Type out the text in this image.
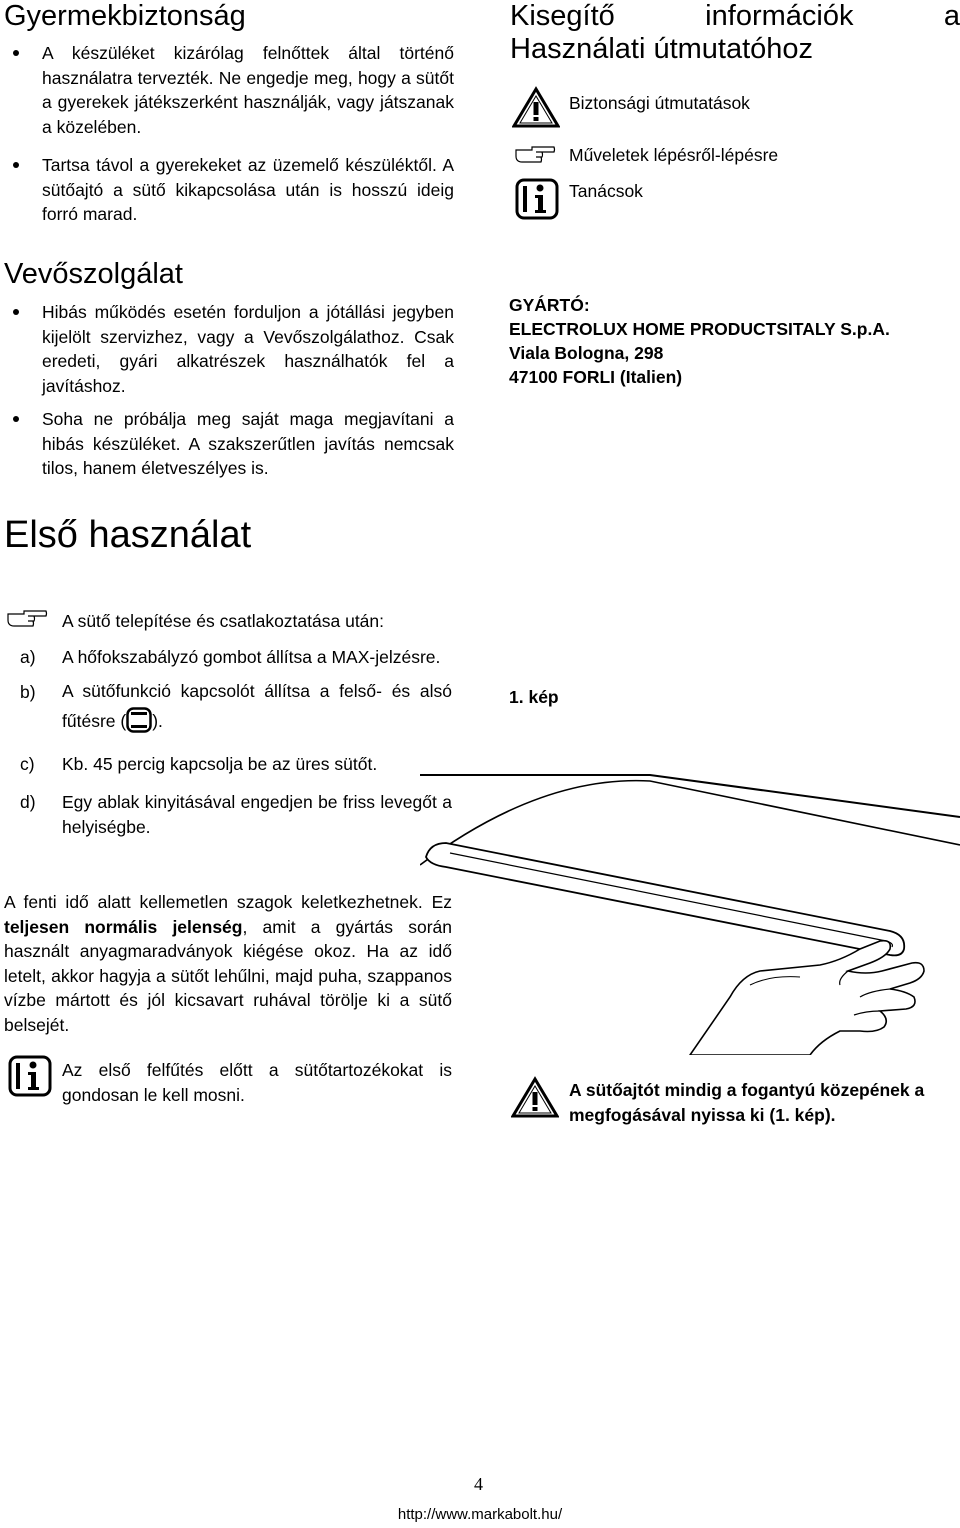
Gyermekbiztonság
A készüléket kizárólag felnőttek által történő használatra tervezték. Ne engedje meg, hogy a sütőt a gyerekek játékszerként használják, vagy játszanak a közelében.
Tartsa távol a gyerekeket az üzemelő készüléktől. A sütőajtó a sütő kikapcsolása után is hosszú ideig forró marad.
Kisegítő információk a
Használati útmutatóhoz
Biztonsági útmutatások
Műveletek lépésről-lépésre
Tanácsok
Vevőszolgálat
Hibás működés esetén forduljon a jótállási jegyben kijelölt szervizhez, vagy a Vevőszolgálathoz. Csak eredeti, gyári alkatrészek használhatók fel a javításhoz.
Soha ne próbálja meg saját maga megjavítani a hibás készüléket. A szakszerűtlen javítás nemcsak tilos, hanem életveszélyes is.
GYÁRTÓ:
ELECTROLUX HOME PRODUCTSITALY S.p.A.
Viala Bologna, 298
47100 FORLI (Italien)
Első használat
A sütő telepítése és csatlakoztatása után:
a)	A hőfokszabályzó gombot állítsa a MAX-jelzésre.
b)	A sütőfunkció kapcsolót állítsa a felső- és alsó fűtésre ( ).
c)	Kb. 45 percig kapcsolja be az üres sütőt.
d)	Egy ablak kinyitásával engedjen be friss levegőt a helyiségbe.
A fenti idő alatt kellemetlen szagok keletkezhetnek. Ez teljesen normális jelenség, amit a gyártás során használt anyagmaradványok kiégése okoz. Ha az idő letelt, akkor hagyja a sütőt lehűlni, majd puha, szappanos vízbe mártott és jól kicsavart ruhával törölje ki a sütő belsejét.
Az első felfűtés előtt a sütőtartozékokat is gondosan le kell mosni.
1. kép
A sütőajtót mindig a fogantyú közepének a megfogásával nyissa ki (1. kép).
4
http://www.markabolt.hu/
